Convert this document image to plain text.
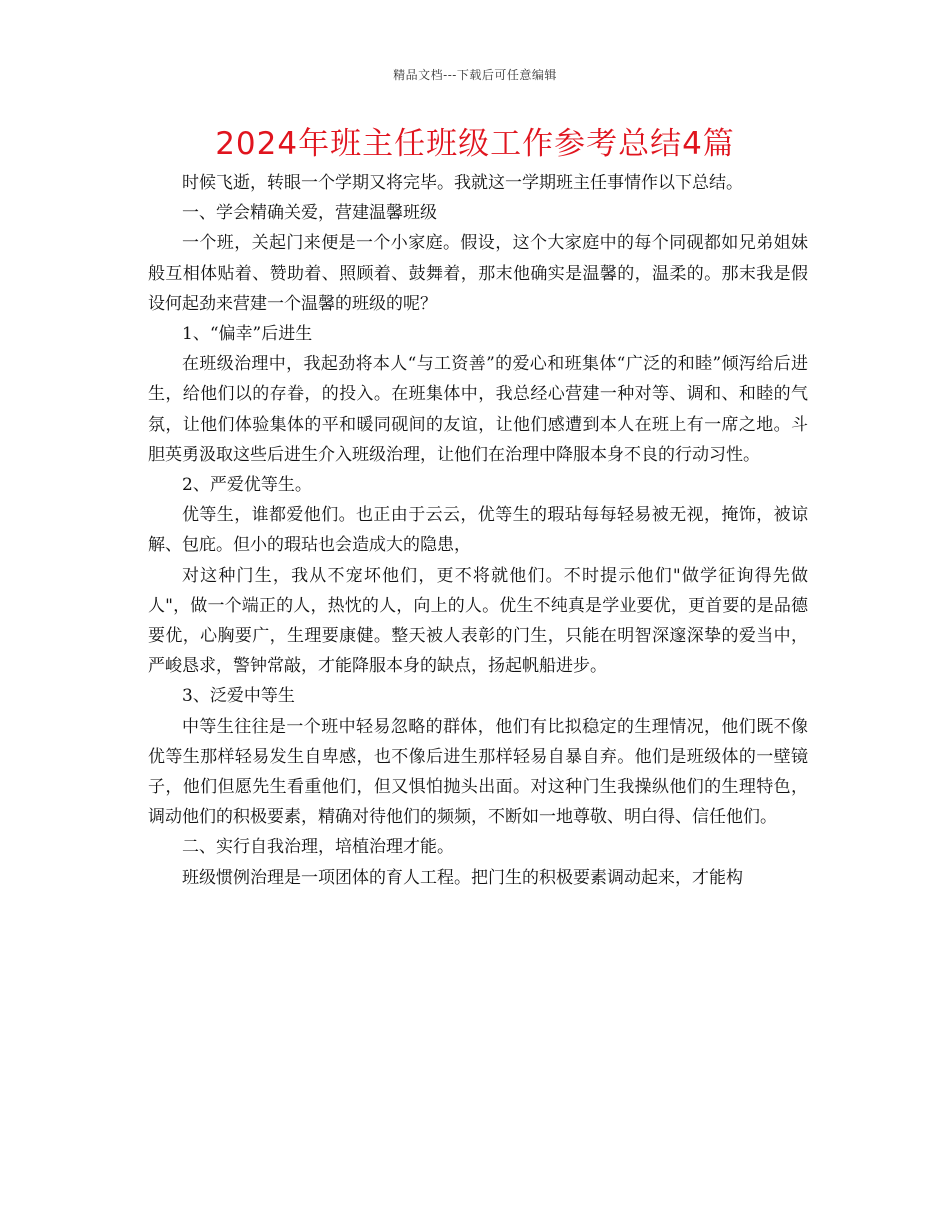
精品文档---下载后可任意编辑
2024年班主任班级工作参考总结4篇

时候飞逝，转眼一个学期又将完毕。我就这一学期班主任事情作以下总结。

一、学会精确关爱，营建温馨班级

一个班，关起门来便是一个小家庭。假设，这个大家庭中的每个同砚都如兄弟姐妹般互相体贴着、赞助着、照顾着、鼓舞着，那末他确实是温馨的，温柔的。那末我是假设何起劲来营建一个温馨的班级的呢？

1、“偏幸”后进生

在班级治理中，我起劲将本人“与工资善”的爱心和班集体“广泛的和睦”倾泻给后进生，给他们以的存眷，的投入。在班集体中，我总经心营建一种对等、调和、和睦的气氛，让他们体验集体的平和暖同砚间的友谊，让他们感遭到本人在班上有一席之地。斗胆英勇汲取这些后进生介入班级治理，让他们在治理中降服本身不良的行动习性。

2、严爱优等生。

优等生，谁都爱他们。也正由于云云，优等生的瑕玷每每轻易被无视，掩饰，被谅解、包庇。但小的瑕玷也会造成大的隐患，

对这种门生，我从不宠坏他们，更不将就他们。不时提示他们"做学征询得先做人"，做一个端正的人，热忱的人，向上的人。优生不纯真是学业要优，更首要的是品德要优，心胸要广，生理要康健。整天被人表彰的门生，只能在明智深邃深挚的爱当中，严峻恳求，警钟常敲，才能降服本身的缺点，扬起帆船进步。

3、泛爱中等生

中等生往往是一个班中轻易忽略的群体，他们有比拟稳定的生理情况，他们既不像优等生那样轻易发生自卑感，也不像后进生那样轻易自暴自弃。他们是班级体的一壁镜子，他们但愿先生看重他们，但又惧怕抛头出面。对这种门生我操纵他们的生理特色，调动他们的积极要素，精确对待他们的频频，不断如一地尊敬、明白得、信任他们。

二、实行自我治理，培植治理才能。

班级惯例治理是一项团体的育人工程。把门生的积极要素调动起来，才能构
